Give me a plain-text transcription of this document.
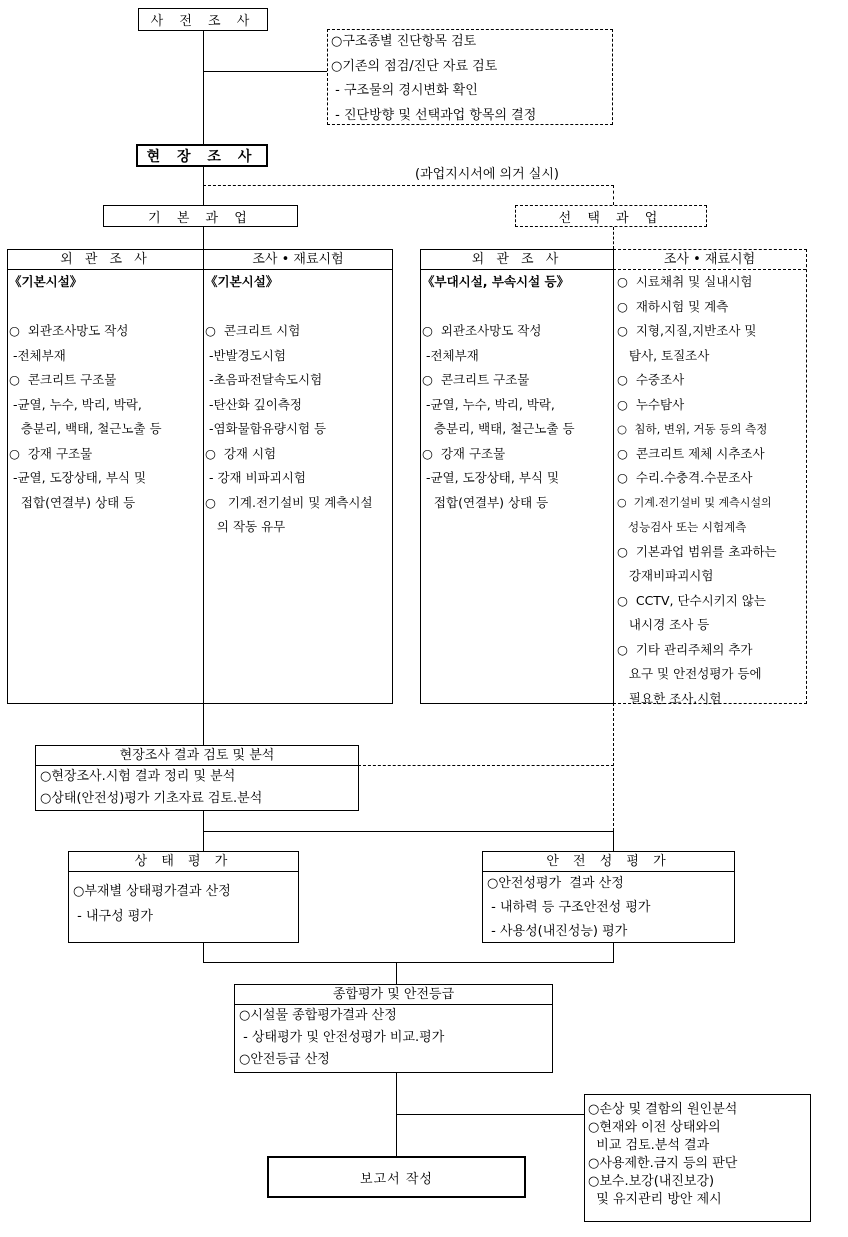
사 전 조 사
○구조종별 진단항목 검토
○기존의 점검/진단 자료 검토
- 구조물의 경시변화 확인
- 진단방향 및 선택과업 항목의 결정
현 장 조 사
(과업지시서에 의거 실시)
기 본 과 업	선 택 과 업
외 관 조 사
《기본시설》

○  외관조사망도 작성
-전체부재
○  콘크리트 구조물
-균열, 누수, 박리, 박락,
층분리, 백태, 철근노출 등
○  강재 구조물
-균열, 도장상태, 부식 및
접합(연결부) 상태 등
조사 • 재료시험
《기본시설》

○  콘크리트 시험
-반발경도시험
-초음파전달속도시험
-탄산화 깊이측정
-염화물함유량시험 등
○  강재 시험
- 강재 비파괴시험
○   기계.전기설비 및 계측시설
의 작동 유무
외 관 조 사
《부대시설, 부속시설 등》

○  외관조사망도 작성
-전체부재
○  콘크리트 구조물
-균열, 누수, 박리, 박락,
층분리, 백태, 철근노출 등
○  강재 구조물
-균열, 도장상태, 부식 및
접합(연결부) 상태 등
조사 • 재료시험
○  시료채취 및 실내시험
○  재하시험 및 계측
○  지형,지질,지반조사 및
탐사, 토질조사
○  수중조사
○  누수탐사
○  침하, 변위, 거동 등의 측정
○  콘크리트 제체 시추조사
○  수리.수충격.수문조사
○  기계.전기설비 및 계측시설의
성능검사 또는 시험계측
○  기본과업 범위를 초과하는
강재비파괴시험
○  CCTV, 단수시키지 않는
내시경 조사 등
○  기타 관리주체의 추가
요구 및 안전성평가 등에
필요한 조사.시험
현장조사 결과 검토 및 분석
○현장조사.시험 결과 정리 및 분석
○상태(안전성)평가 기초자료 검토.분석
상 태 평 가
○부재별 상태평가결과 산정
- 내구성 평가
안 전 성 평 가
○안전성평가  결과 산정
- 내하력 등 구조안전성 평가
- 사용성(내진성능) 평가
종합평가 및 안전등급
○시설물 종합평가결과 산정
- 상태평가 및 안전성평가 비교.평가
○안전등급 산정
보고서 작성
○손상 및 결함의 원인분석
○현재와 이전 상태와의
비교 검토.분석 결과
○사용제한.금지 등의 판단
○보수.보강(내진보강)
및 유지관리 방안 제시
